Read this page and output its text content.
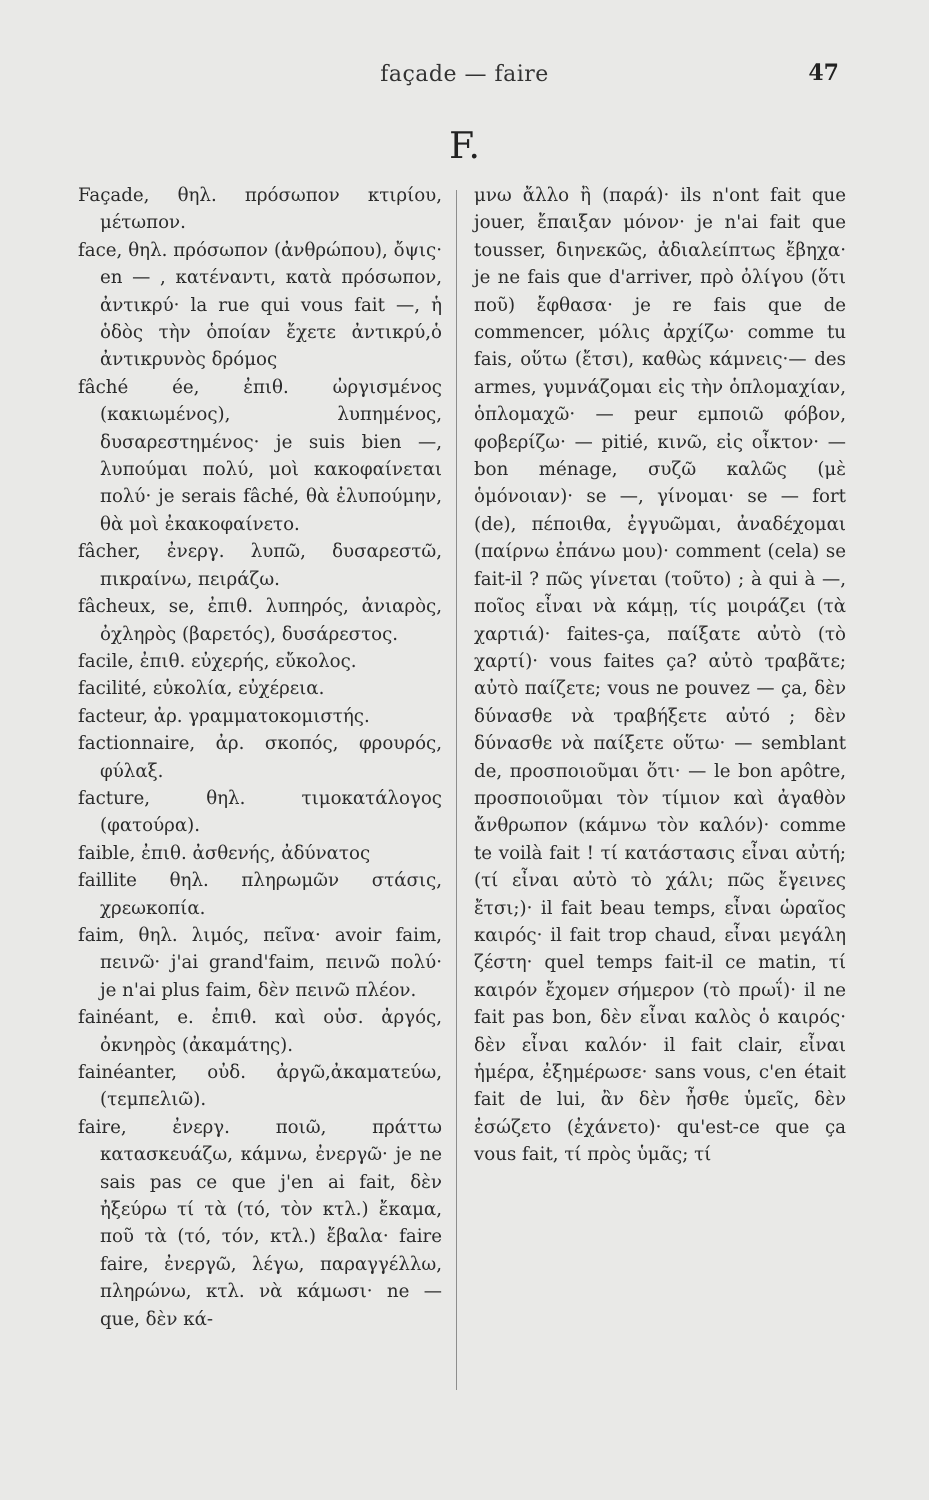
façade — faire	47
F.

Façade, θηλ. πρόσωπον κτιρίου, μέτωπον.

face, θηλ. πρόσωπον (ἀνθρώπου), ὄψις· en — , κατέναντι, κατὰ πρόσωπον, ἀντικρύ· la rue qui vous fait —, ἡ ὁδὸς τὴν ὁποίαν ἔχετε ἀντικρύ,ὁ ἀντικρυνὸς δρόμος

fâché ée, ἐπιθ. ὠργισμένος (κακιωμένος), λυπημένος, δυσαρεστημένος· je suis bien —, λυπούμαι πολύ, μοὶ κακοφαίνεται πολύ· je serais fâché, θὰ ἐλυπούμην, θὰ μοὶ ἐκακοφαίνετο.

fâcher, ἐνεργ. λυπῶ, δυσαρεστῶ, πικραίνω, πειράζω.

fâcheux, se, ἐπιθ. λυπηρός, ἀνιαρὸς, ὀχληρὸς (βαρετός), δυσάρεστος.

facile, ἐπιθ. εὐχερής, εὔκολος.

facilité, εὐκολία, εὐχέρεια.

facteur, ἀρ. γραμματοκομιστής.

factionnaire, ἀρ. σκοπός, φρουρός, φύλαξ.

facture, θηλ. τιμοκατάλογος (φατούρα).

faible, ἐπιθ. ἀσθενής, ἀδύνατος

faillite θηλ. πληρωμῶν στάσις, χρεωκοπία.

faim, θηλ. λιμός, πεῖνα· avoir faim, πεινῶ· j'ai grand'faim, πεινῶ πολύ· je n'ai plus faim, δὲν πεινῶ πλέον.

fainéant, e. ἐπιθ. καὶ οὐσ. ἀργός, ὀκνηρὸς (ἀκαμάτης).

fainéanter, οὐδ. ἀργῶ,ἀκαματεύω, (τεμπελιῶ).

faire, ἐνεργ. ποιῶ, πράττω κατασκευάζω, κάμνω, ἐνεργῶ· je ne sais pas ce que j'en ai fait, δὲν ἠξεύρω τί τὰ (τό, τὸν κτλ.) ἔκαμα, ποῦ τὰ (τό, τόν, κτλ.) ἔβαλα· faire faire, ἐνεργῶ, λέγω, παραγγέλλω, πληρώνω, κτλ. νὰ κάμωσι· ne — que, δὲν κά-

μνω ἄλλο ἢ (παρά)· ils n'ont fait que jouer, ἔπαιξαν μόνον· je n'ai fait que tousser, διηνεκῶς, ἀδιαλείπτως ἔβηχα· je ne fais que d'arriver, πρὸ ὀλίγου (ὅτι ποῦ) ἔφθασα· je re fais que de commencer, μόλις ἀρχίζω· comme tu fais, οὕτω (ἔτσι), καθὼς κάμνεις·— des armes, γυμνάζομαι εἰς τὴν ὁπλομαχίαν, ὁπλομαχῶ· — peur εμποιῶ φόβον, φοβερίζω· — pitié, κινῶ, εἰς οἶκτον· — bon ménage, συζῶ καλῶς (μὲ ὁμόνοιαν)· se —, γίνομαι· se — fort (de), πέποιθα, ἐγγυῶμαι, ἀναδέχομαι (παίρνω ἐπάνω μου)· comment (cela) se fait-il ? πῶς γίνεται (τοῦτο) ; à qui à —, ποῖος εἶναι νὰ κάμῃ, τίς μοιράζει (τὰ χαρτιά)· faites-ça, παίξατε αὐτὸ (τὸ χαρτί)· vous faites ça? αὐτὸ τραβᾶτε; αὐτὸ παίζετε; vous ne pouvez — ça, δὲν δύνασθε νὰ τραβήξετε αὐτό ; δὲν δύνασθε νὰ παίξετε οὕτω· — semblant de, προσποιοῦμαι ὅτι· — le bon apôtre, προσποιοῦμαι τὸν τίμιον καὶ ἀγαθὸν ἄνθρωπον (κάμνω τὸν καλόν)· comme te voilà fait ! τί κατάστασις εἶναι αὐτή;(τί εἶναι αὐτὸ τὸ χάλι; πῶς ἔγεινες ἔτσι;)· il fait beau temps, εἶναι ὡραῖος καιρός· il fait trop chaud, εἶναι μεγάλη ζέστη· quel temps fait-il ce matin, τί καιρόν ἔχομεν σήμερον (τὸ πρωΐ)· il ne fait pas bon, δὲν εἶναι καλὸς ὁ καιρός· δὲν εἶναι καλόν· il fait clair, εἶναι ἡμέρα, ἐξημέρωσε· sans vous, c'en était fait de lui, ἂν δὲν ἦσθε ὑμεῖς, δὲν ἐσώζετο (ἐχάνετο)· qu'est-ce que ça vous fait, τί πρὸς ὑμᾶς; τί
